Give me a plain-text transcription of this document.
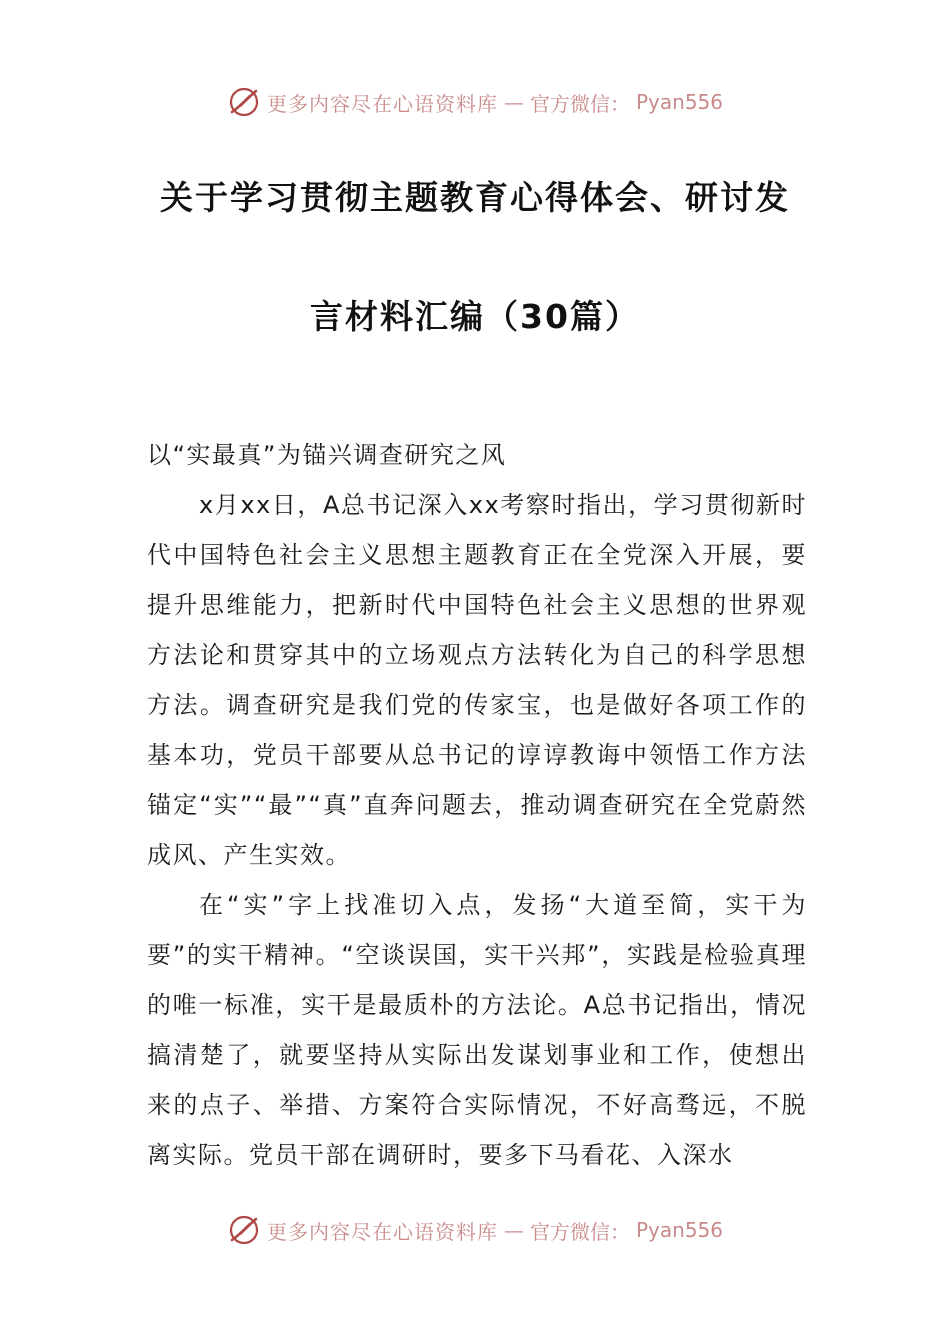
更多内容尽在心语资料库 — 官方微信： Pyan556
关于学习贯彻主题教育心得体会、研讨发
言材料汇编（30篇）

以“实最真”为锚兴调查研究之风

x月xx日，A总书记深入xx考察时指出，学习贯彻新时代中国特色社会主义思想主题教育正在全党深入开展，要提升思维能力，把新时代中国特色社会主义思想的世界观方法论和贯穿其中的立场观点方法转化为自己的科学思想方法。调查研究是我们党的传家宝，也是做好各项工作的基本功，党员干部要从总书记的谆谆教诲中领悟工作方法锚定“实”“最”“真”直奔问题去，推动调查研究在全党蔚然成风、产生实效。

在“实”字上找准切入点，发扬“大道至简，实干为要”的实干精神。“空谈误国，实干兴邦”，实践是检验真理的唯一标准，实干是最质朴的方法论。A总书记指出，情况搞清楚了，就要坚持从实际出发谋划事业和工作，使想出来的点子、举措、方案符合实际情况，不好高骛远，不脱离实际。党员干部在调研时，要多下马看花、入深水

更多内容尽在心语资料库 — 官方微信： Pyan556
